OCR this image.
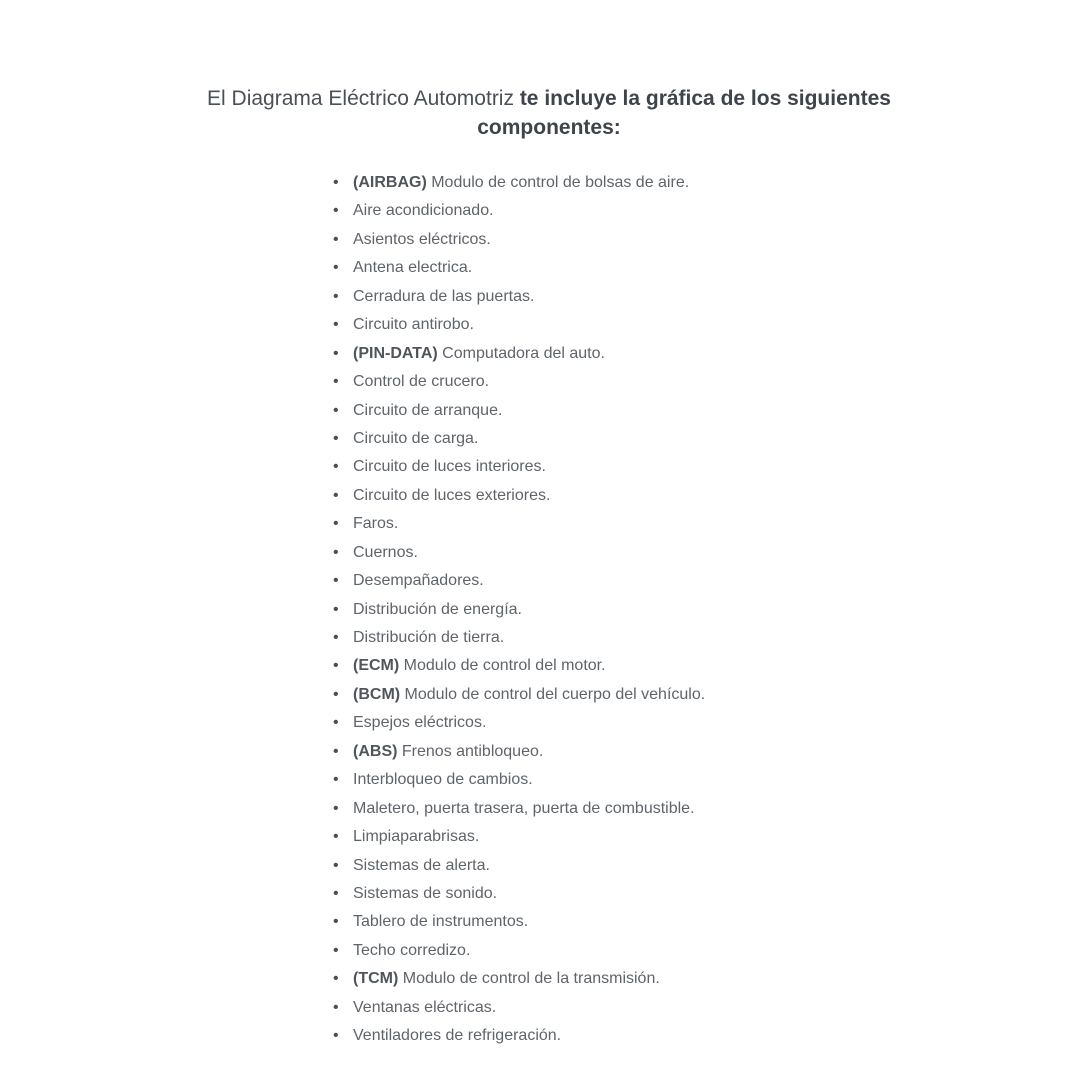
El Diagrama Eléctrico Automotriz te incluye la gráfica de los siguientes componentes:
• (AIRBAG) Modulo de control de bolsas de aire.
• Aire acondicionado.
• Asientos eléctricos.
• Antena electrica.
• Cerradura de las puertas.
• Circuito antirobo.
• (PIN-DATA) Computadora del auto.
• Control de crucero.
• Circuito de arranque.
• Circuito de carga.
• Circuito de luces interiores.
• Circuito de luces exteriores.
• Faros.
• Cuernos.
• Desempañadores.
• Distribución de energía.
• Distribución de tierra.
• (ECM) Modulo de control del motor.
• (BCM) Modulo de control del cuerpo del vehículo.
• Espejos eléctricos.
• (ABS) Frenos antibloqueo.
• Interbloqueo de cambios.
• Maletero, puerta trasera, puerta de combustible.
• Limpiaparabrisas.
• Sistemas de alerta.
• Sistemas de sonido.
• Tablero de instrumentos.
• Techo corredizo.
• (TCM) Modulo de control de la transmisión.
• Ventanas eléctricas.
• Ventiladores de refrigeración.
